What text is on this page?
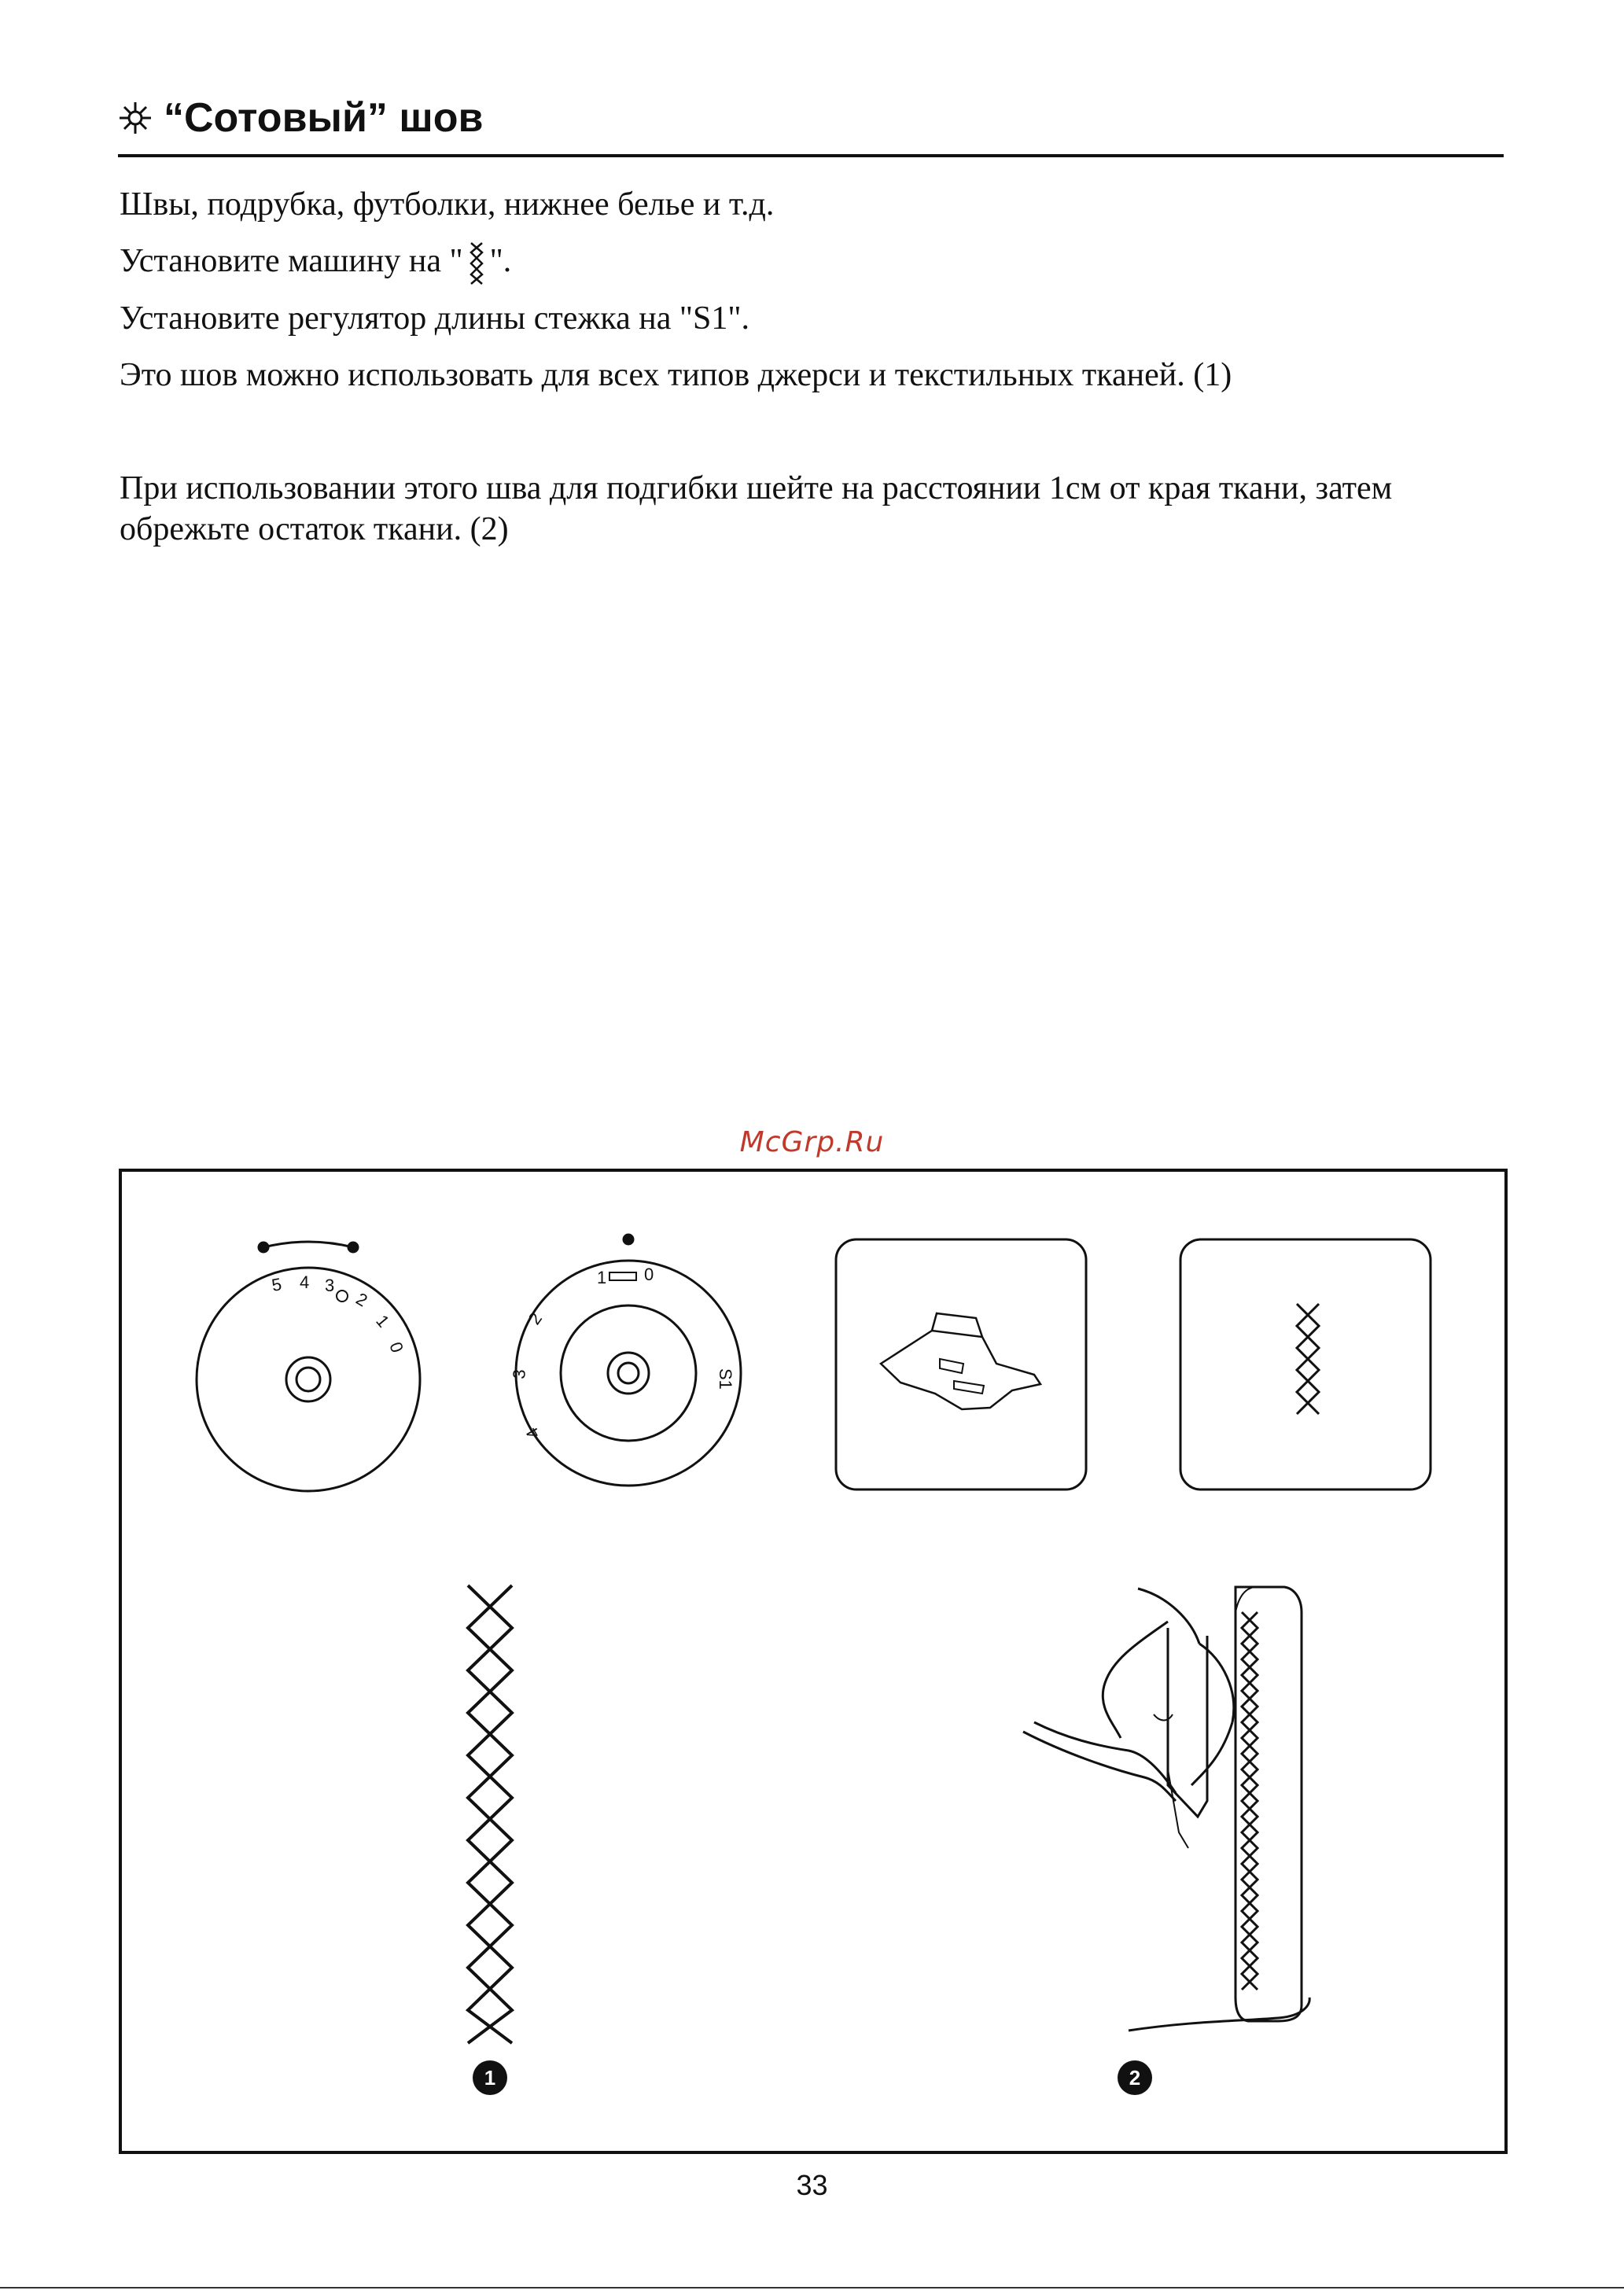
“Сотовый” шов

Швы, подрубка, футболки, нижнее белье и т.д.

Установите машину на " ".

Установите регулятор длины стежка на "S1".

Это шов можно использовать для всех типов джерси и текстильных тканей. (1)

При использовании этого шва для подгибки шейте на расстоянии 1см от края ткани, затем обрежьте остаток ткани. (2)

McGrp.Ru
5 4 3
2
1
0
1 0
2
3
4
S1
1	2
33
